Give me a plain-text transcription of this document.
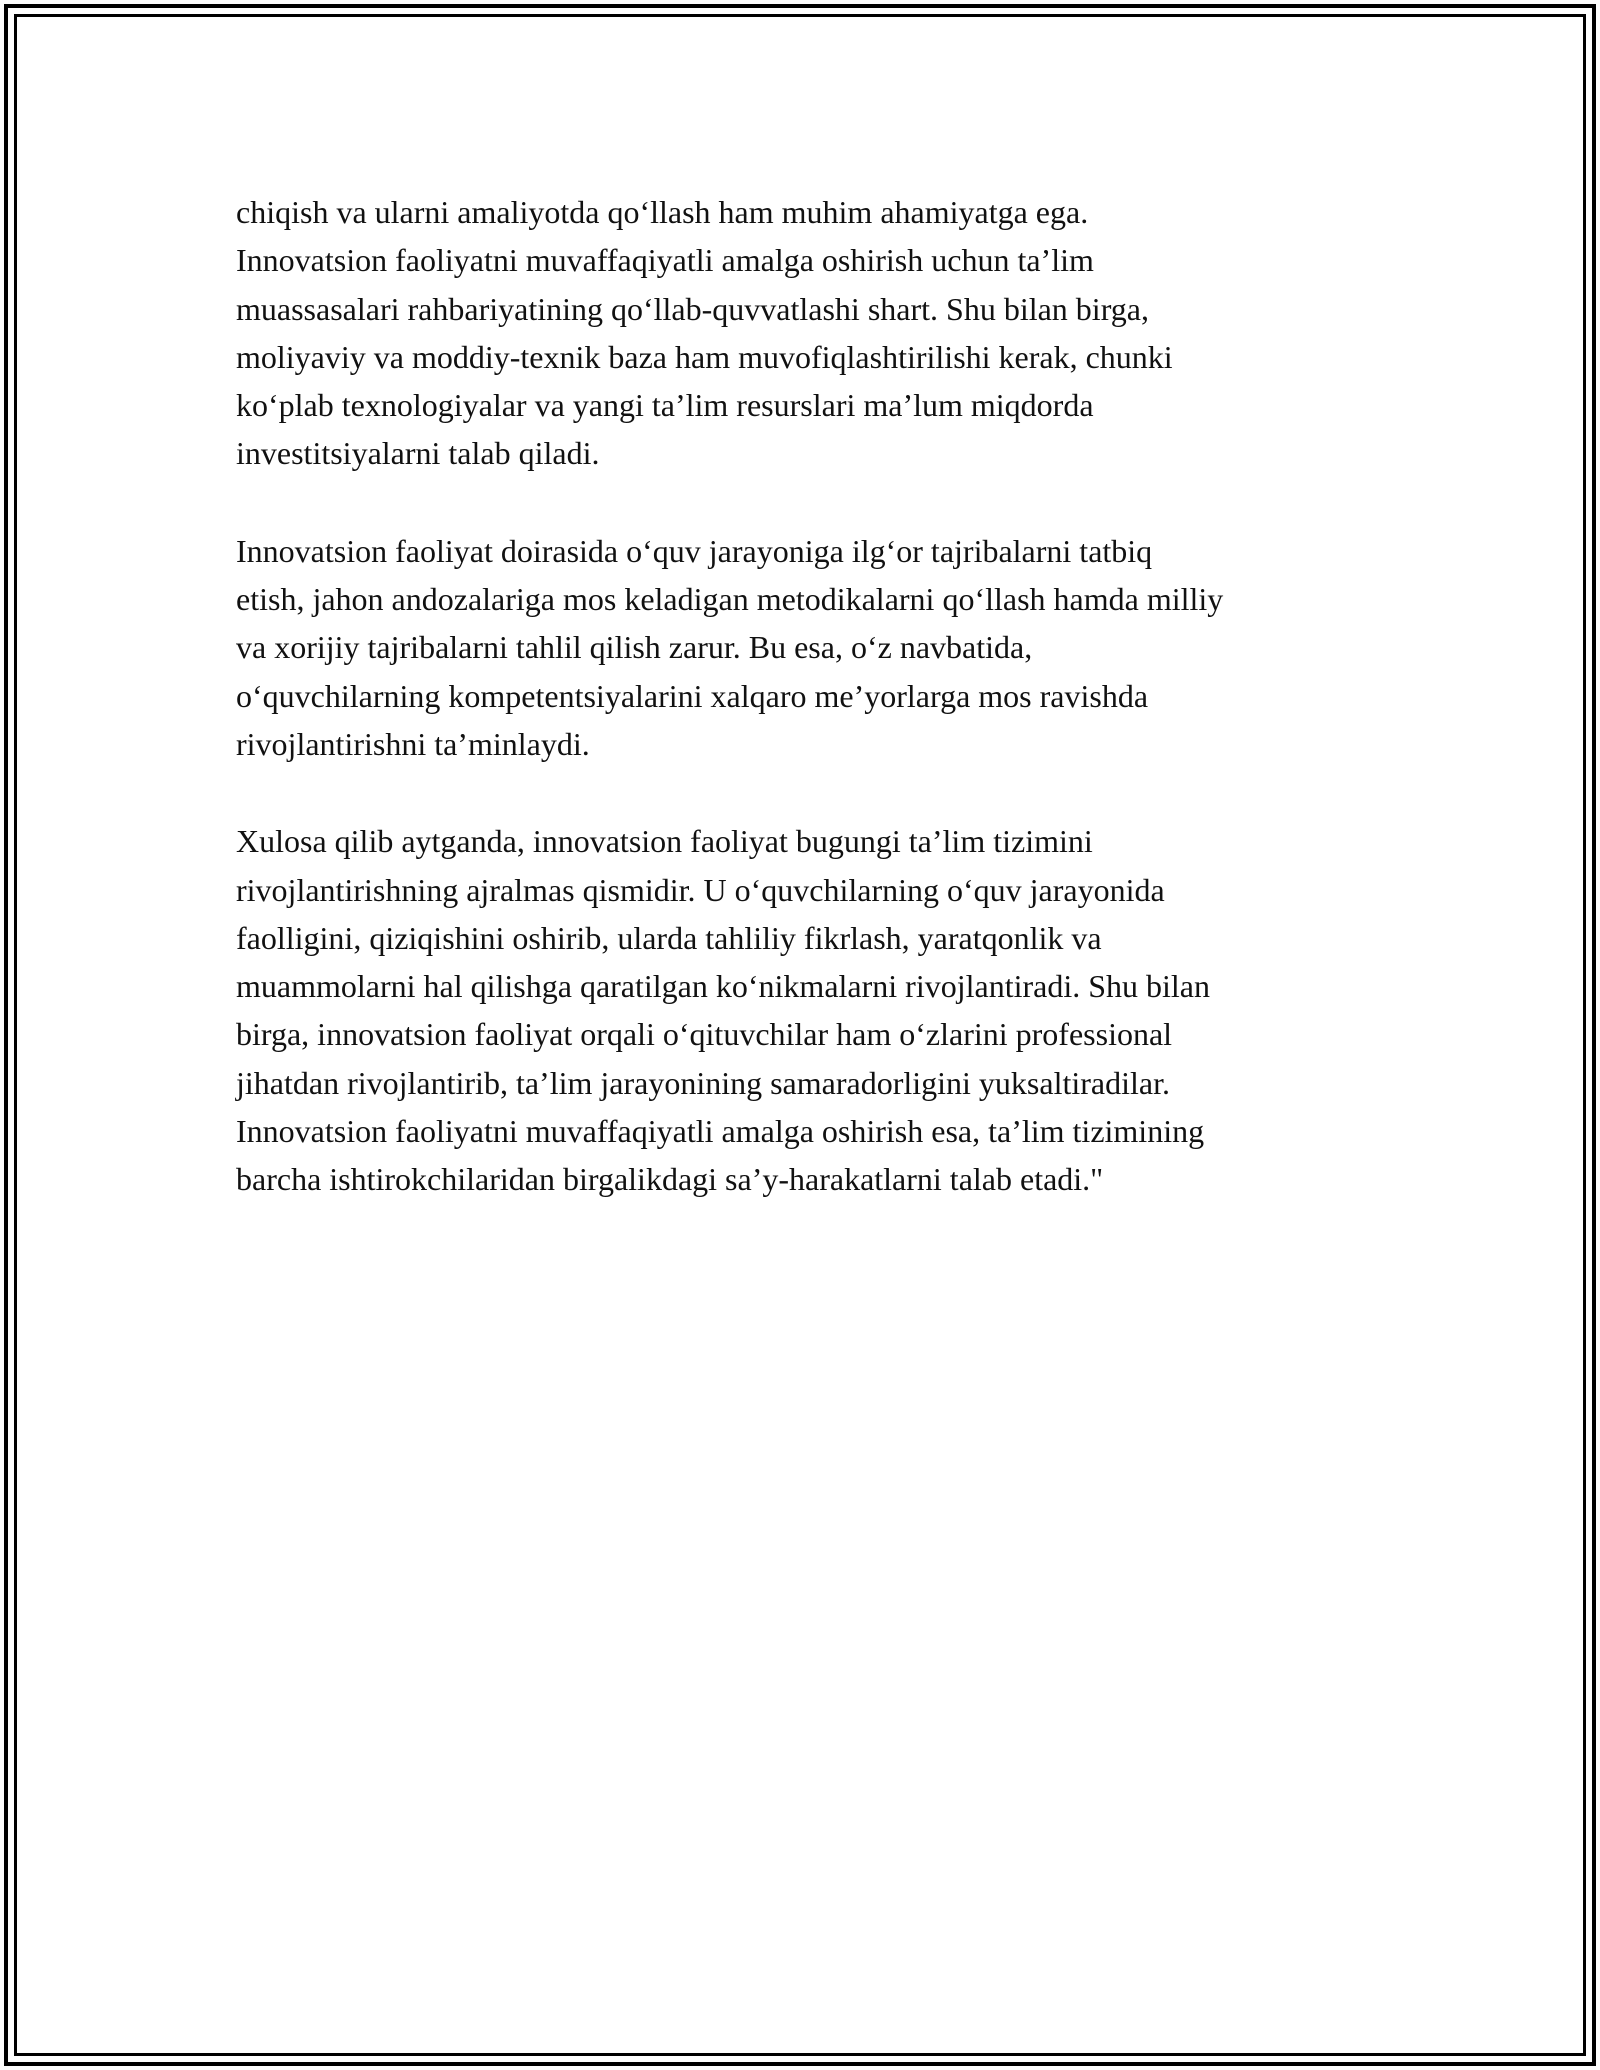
chiqish va ularni amaliyotda qo‘llash ham muhim ahamiyatga ega.
Innovatsion faoliyatni muvaffaqiyatli amalga oshirish uchun ta’lim
muassasalari rahbariyatining qo‘llab-quvvatlashi shart. Shu bilan birga,
moliyaviy va moddiy-texnik baza ham muvofiqlashtirilishi kerak, chunki
ko‘plab texnologiyalar va yangi ta’lim resurslari ma’lum miqdorda
investitsiyalarni talab qiladi.

Innovatsion faoliyat doirasida o‘quv jarayoniga ilg‘or tajribalarni tatbiq
etish, jahon andozalariga mos keladigan metodikalarni qo‘llash hamda milliy
va xorijiy tajribalarni tahlil qilish zarur. Bu esa, o‘z navbatida,
o‘quvchilarning kompetentsiyalarini xalqaro me’yorlarga mos ravishda
rivojlantirishni ta’minlaydi.

Xulosa qilib aytganda, innovatsion faoliyat bugungi ta’lim tizimini
rivojlantirishning ajralmas qismidir. U o‘quvchilarning o‘quv jarayonida
faolligini, qiziqishini oshirib, ularda tahliliy fikrlash, yaratqonlik va
muammolarni hal qilishga qaratilgan ko‘nikmalarni rivojlantiradi. Shu bilan
birga, innovatsion faoliyat orqali o‘qituvchilar ham o‘zlarini professional
jihatdan rivojlantirib, ta’lim jarayonining samaradorligini yuksaltiradilar.
Innovatsion faoliyatni muvaffaqiyatli amalga oshirish esa, ta’lim tizimining
barcha ishtirokchilaridan birgalikdagi sa’y-harakatlarni talab etadi."
